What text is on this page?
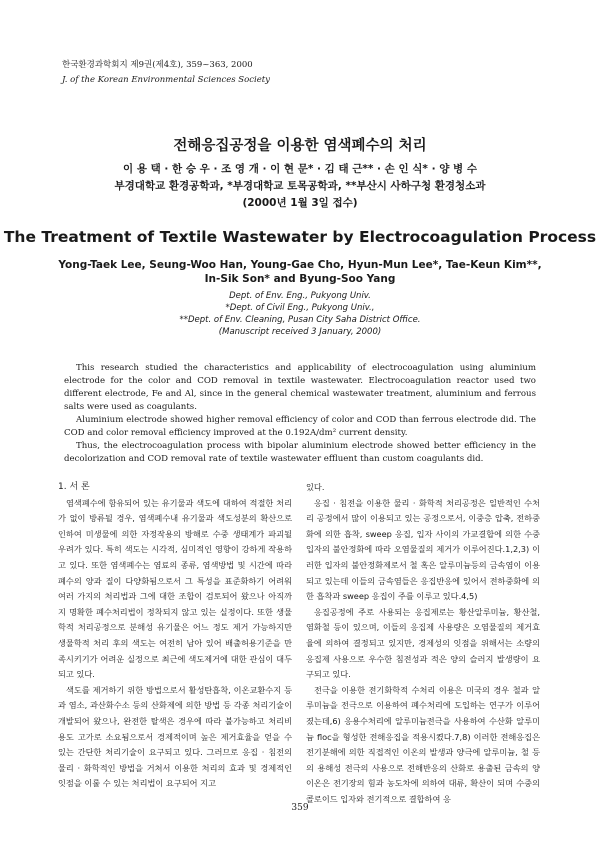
한국환경과학회지 제9권(제4호), 359~363, 2000
J. of the Korean Environmental Sciences Society
전해응집공정을 이용한 염색폐수의 처리
이 용 택 · 한 승 우 · 조 영 개 · 이 현 문* · 김 태 근** · 손 인 식* · 양 병 수
부경대학교 환경공학과, *부경대학교 토목공학과, **부산시 사하구청 환경청소과
(2000년 1월 3일 접수)
The Treatment of Textile Wastewater by Electrocoagulation Process
Yong-Taek Lee, Seung-Woo Han, Young-Gae Cho, Hyun-Mun Lee*, Tae-Keun Kim**,
In-Sik Son* and Byung-Soo Yang
Dept. of Env. Eng., Pukyong Univ.
*Dept. of Civil Eng., Pukyong Univ.,
**Dept. of Env. Cleaning, Pusan City Saha District Office.
(Manuscript received 3 January, 2000)

This research studied the characteristics and applicability of electrocoagulation using aluminium electrode for the color and COD removal in textile wastewater. Electrocoagulation reactor used two different electrode, Fe and Al, since in the general chemical wastewater treatment, aluminium and ferrous salts were used as coagulants.

Aluminium electrode showed higher removal efficiency of color and COD than ferrous electrode did. The COD and color removal efficiency improved at the 0.192A/dm² current density.

Thus, the electrocoagulation process with bipolar aluminium electrode showed better efficiency in the decolorization and COD removal rate of textile wastewater effluent than custom coagulants did.

1. 서 론

염색폐수에 함유되어 있는 유기물과 색도에 대하여 적절한 처리가 없이 방류될 경우, 염색폐수내 유기물과 색도성분의 확산으로 인하여 미생물에 의한 자정작용의 방해로 수중 생태계가 파괴될 우려가 있다. 특히 색도는 시각적, 심미적인 영향이 강하게 작용하고 있다. 또한 염색폐수는 염료의 종류, 염색방법 및 시간에 따라 폐수의 양과 질이 다양화됨으로서 그 특성을 표준화하기 어려워 여러 가지의 처리법과 그에 대한 조합이 검토되어 왔으나 아직까지 명확한 폐수처리법이 정착되지 않고 있는 실정이다. 또한 생물학적 처리공정으로 분해성 유기물은 어느 정도 제거 가능하지만 생물학적 처리 후의 색도는 여전히 남아 있어 배출허용기준을 만족시키기가 어려운 실정으로 최근에 색도제거에 대한 관심이 대두되고 있다.

색도를 제거하기 위한 방법으로서 활성탄흡착, 이온교환수지 등과 염소, 과산화수소 등의 산화제에 의한 방법 등 각종 처리기술이 개발되어 왔으나, 완전한 탈색은 경우에 따라 불가능하고 처리비용도 고가로 소요됨으로서 경제적이며 높은 제거효율을 얻을 수 있는 간단한 처리기술이 요구되고 있다. 그러므로 응집 · 침전의 물리 · 화학적인 방법을 거쳐서 이용한 처리의 효과 및 경제적인 잇점을 이룰 수 있는 처리법이 요구되어 지고

있다.

응집 · 침전을 이용한 물리 · 화학적 처리공정은 일반적인 수처리 공정에서 많이 이용되고 있는 공정으로서, 이중층 압축, 전하중화에 의한 흡착, sweep 응집, 입자 사이의 가교결합에 의한 수중 입자의 불안정화에 따라 오염물질의 제거가 이루어진다.1,2,3) 이러한 입자의 불안정화제로서 철 혹은 알루미늄등의 금속염이 이용되고 있는데 이들의 금속염들은 응집반응에 있어서 전하중화에 의한 흡착과 sweep 응집이 주를 이루고 있다.4,5)

응집공정에 주로 사용되는 응집제로는 황산알루미늄, 황산철, 염화철 등이 있으며, 이들의 응집제 사용량은 오염물질의 제거효율에 의하여 결정되고 있지만, 경제성의 잇점을 위해서는 소량의 응집제 사용으로 우수한 침전성과 적은 양의 슬러지 발생량이 요구되고 있다.

전극을 이용한 전기화학적 수처리 이용은 미국의 경우 철과 알루미늄을 전극으로 이용하여 폐수처리에 도입하는 연구가 이루어졌는데,6) 응용수처리에 알루미늄전극을 사용하여 수산화 알루미늄 floc을 형성한 전해응집을 적용시켰다.7,8) 이러한 전해응집은 전기분해에 의한 직접적인 이온의 발생과 양극에 알루미늄, 철 등의 용해성 전극의 사용으로 전해반응의 산화로 용출된 금속의 양이온은 전기장의 힘과 농도차에 의하여 대류, 확산이 되며 수중의 콜로이드 입자와 전기적으로 결합하여 응

359
